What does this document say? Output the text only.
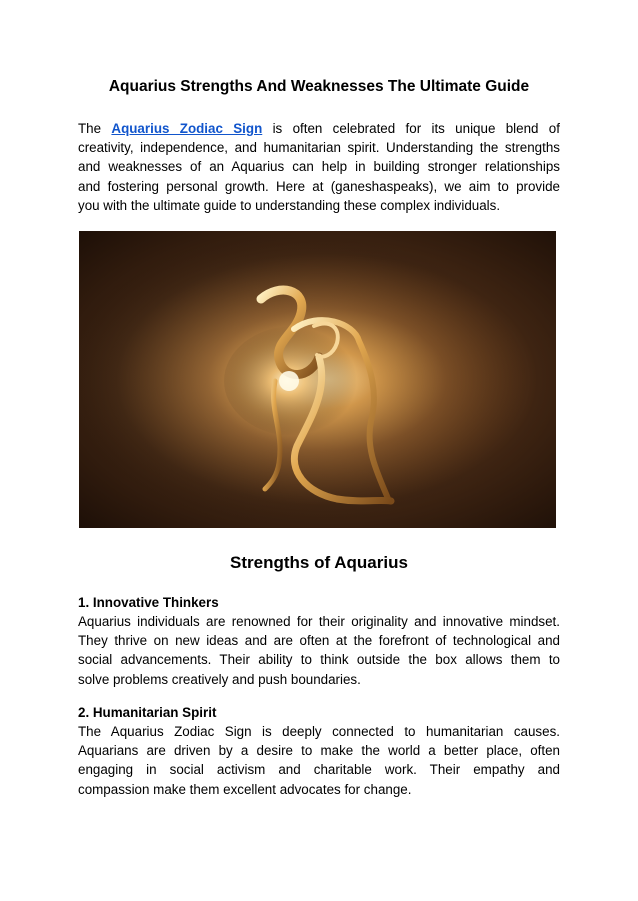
Aquarius Strengths And Weaknesses The Ultimate Guide
The Aquarius Zodiac Sign is often celebrated for its unique blend of
creativity, independence, and humanitarian spirit. Understanding the strengths
and weaknesses of an Aquarius can help in building stronger relationships
and fostering personal growth. Here at (ganeshaspeaks), we aim to provide
you with the ultimate guide to understanding these complex individuals.
Strengths of Aquarius
1. Innovative Thinkers
Aquarius individuals are renowned for their originality and innovative mindset.
They thrive on new ideas and are often at the forefront of technological and
social advancements. Their ability to think outside the box allows them to
solve problems creatively and push boundaries.
2. Humanitarian Spirit
The Aquarius Zodiac Sign is deeply connected to humanitarian causes.
Aquarians are driven by a desire to make the world a better place, often
engaging in social activism and charitable work. Their empathy and
compassion make them excellent advocates for change.
